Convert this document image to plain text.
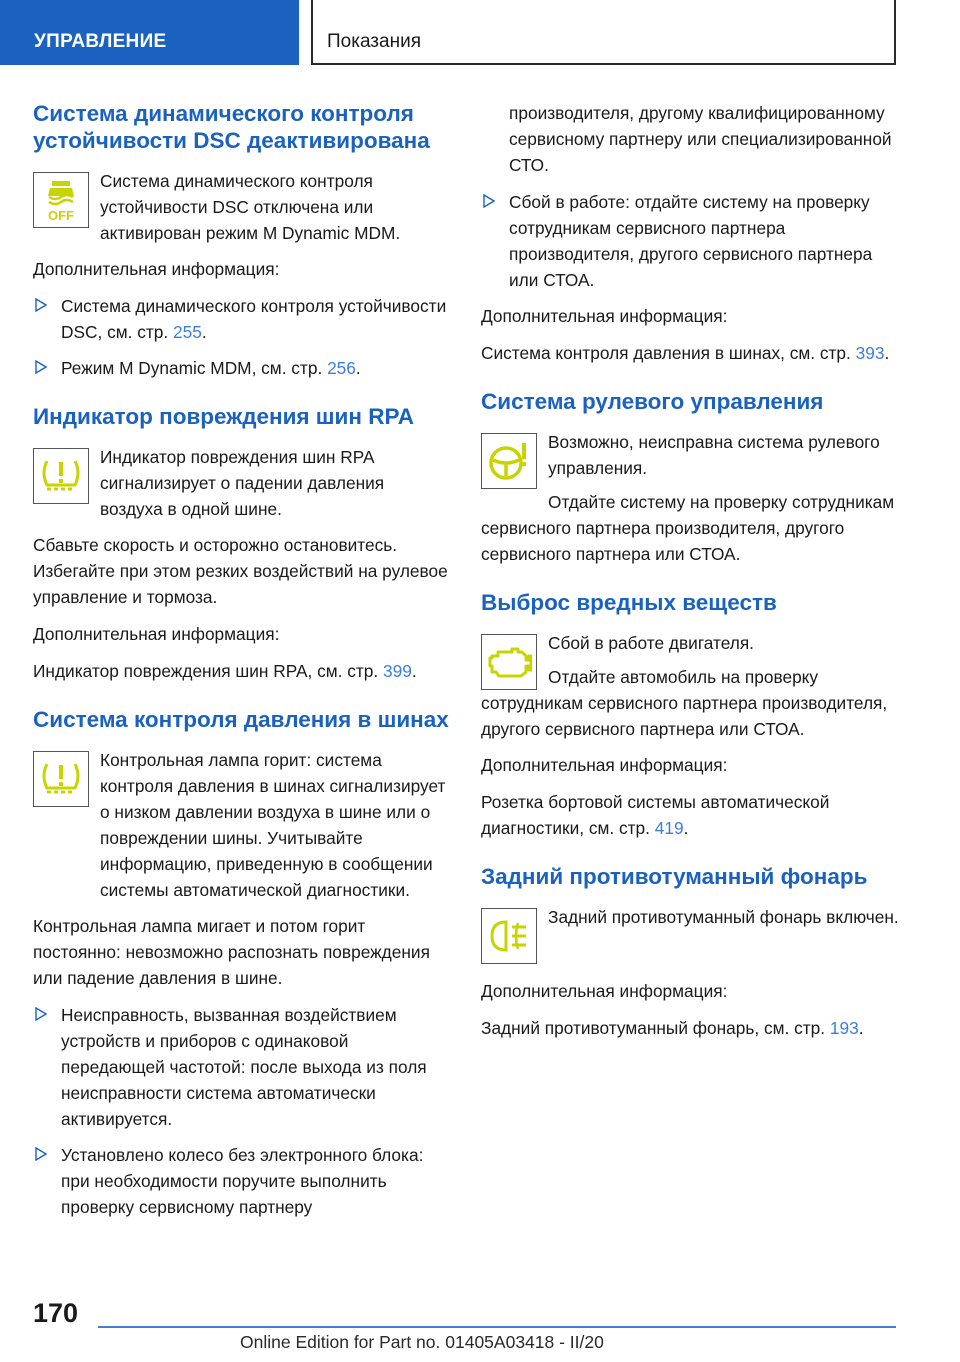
УПРАВЛЕНИЕ	Показания
Система динамического контроля устойчивости DSC деактивирована
OFF

Система динамического контроля устойчивости DSC отключена или активирован режим M Dynamic MDM.

Дополнительная информация:

Система динамического контроля устойчивости DSC, см. стр. 255.
Режим M Dynamic MDM, см. стр. 256.
Индикатор повреждения шин RPA

Индикатор повреждения шин RPA сигнализирует о падении давления воздуха в одной шине.

Сбавьте скорость и осторожно остановитесь. Избегайте при этом резких воздействий на рулевое управление и тормоза.

Дополнительная информация:

Индикатор повреждения шин RPA, см. стр. 399.

Система контроля давления в шинах

Контрольная лампа горит: система контроля давления в шинах сигнализирует о низком давлении воздуха в шине или о повреждении шины. Учитывайте информацию, приведенную в сообщении системы автоматической диагностики.

Контрольная лампа мигает и потом горит постоянно: невозможно распознать повреждения или падение давления в шине.

Неисправность, вызванная воздействием устройств и приборов с одинаковой передающей частотой: после выхода из поля неисправности система автоматически активируется.
Установлено колесо без электронного блока: при необходимости поручите выполнить проверку сервисному партнеру

производителя, другому квалифицированному сервисному партнеру или специализированной СТО.

Сбой в работе: отдайте систему на проверку сотрудникам сервисного партнера производителя, другого сервисного партнера или СТОА.

Дополнительная информация:

Система контроля давления в шинах, см. стр. 393.

Система рулевого управления

Возможно, неисправна система рулевого управления.

Отдайте систему на проверку сотрудникам сервисного партнера производителя, другого сервисного партнера или СТОА.

Выброс вредных веществ

Сбой в работе двигателя.

Отдайте автомобиль на проверку сотрудникам сервисного партнера производителя, другого сервисного партнера или СТОА.

Дополнительная информация:

Розетка бортовой системы автоматической диагностики, см. стр. 419.

Задний противотуманный фонарь

Задний противотуманный фонарь включен.

Дополнительная информация:

Задний противотуманный фонарь, см. стр. 193.

170
Online Edition for Part no. 01405A03418 - II/20
